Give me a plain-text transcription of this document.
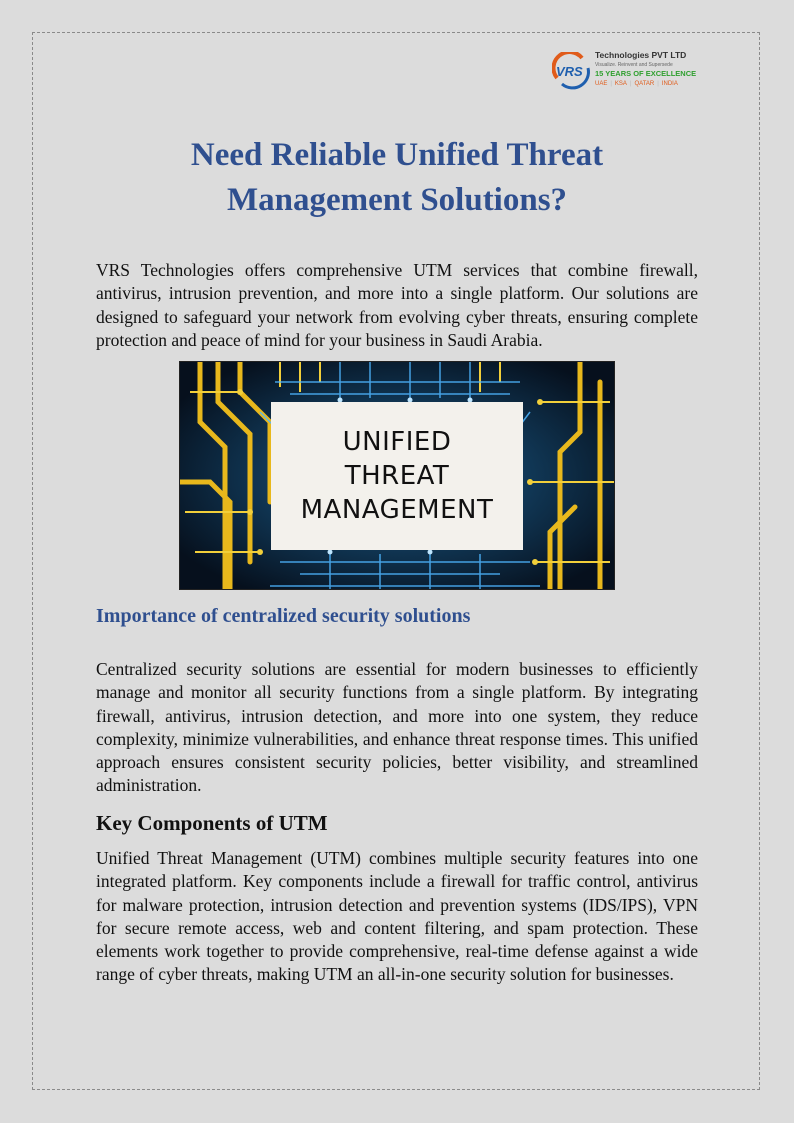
VRS
Technologies PVT LTD
Visualize. Reinvent and Supersede
15 YEARS OF EXCELLENCE
UAE | KSA | QATAR | INDIA
Need Reliable Unified Threat Management Solutions?

VRS Technologies offers comprehensive UTM services that combine firewall, antivirus, intrusion prevention, and more into a single platform. Our solutions are designed to safeguard your network from evolving cyber threats, ensuring complete protection and peace of mind for your business in Saudi Arabia.

UNIFIED
THREAT
MANAGEMENT
Importance of centralized security solutions

Centralized security solutions are essential for modern businesses to efficiently manage and monitor all security functions from a single platform. By integrating firewall, antivirus, intrusion detection, and more into one system, they reduce complexity, minimize vulnerabilities, and enhance threat response times. This unified approach ensures consistent security policies, better visibility, and streamlined administration.

Key Components of UTM

Unified Threat Management (UTM) combines multiple security features into one integrated platform. Key components include a firewall for traffic control, antivirus for malware protection, intrusion detection and prevention systems (IDS/IPS), VPN for secure remote access, web and content filtering, and spam protection. These elements work together to provide comprehensive, real-time defense against a wide range of cyber threats, making UTM an all-in-one security solution for businesses.
